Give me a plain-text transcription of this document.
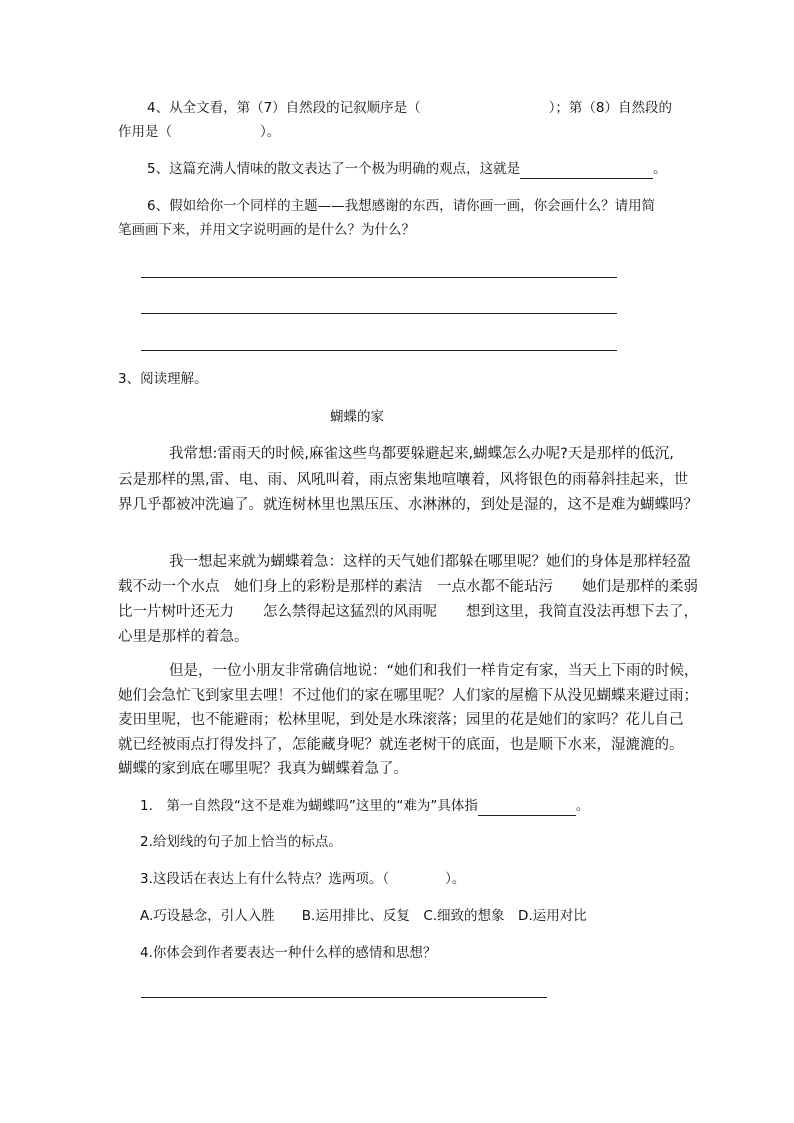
4、从全文看，第（7）自然段的记叙顺序是（	）；第（8）自然段的
作用是（	）。
5、这篇充满人情味的散文表达了一个极为明确的观点，这就是	。
6、假如给你一个同样的主题——我想感谢的东西，请你画一画，你会画什么？请用简
笔画画下来，并用文字说明画的是什么？为什么？
3、阅读理解。
蝴蝶的家
我常想:雷雨天的时候,麻雀这些鸟都要躲避起来,蝴蝶怎么办呢?天是那样的低沉,
云是那样的黑,雷、电、雨、风吼叫着，雨点密集地喧嚷着，风将银色的雨幕斜挂起来，世
界几乎都被冲洗遍了。就连树林里也黑压压、水淋淋的，到处是湿的，这不是难为蝴蝶吗？
我一想起来就为蝴蝶着急：这样的天气她们都躲在哪里呢？她们的身体是那样轻盈
载不动一个水点　她们身上的彩粉是那样的素洁　一点水都不能玷污　　她们是那样的柔弱
比一片树叶还无力　　怎么禁得起这猛烈的风雨呢　　想到这里，我简直没法再想下去了，
心里是那样的着急。
但是，一位小朋友非常确信地说：“她们和我们一样肯定有家，当天上下雨的时候，
她们会急忙飞到家里去哩！不过他们的家在哪里呢？人们家的屋檐下从没见蝴蝶来避过雨；
麦田里呢，也不能避雨；松林里呢，到处是水珠滚落；园里的花是她们的家吗？花儿自己
就已经被雨点打得发抖了，怎能藏身呢？就连老树干的底面，也是顺下水来，湿漉漉的。
蝴蝶的家到底在哪里呢？我真为蝴蝶着急了。
1.　第一自然段“这不是难为蝴蝶吗”这里的“难为”具体指	。
2.给划线的句子加上恰当的标点。
3.这段话在表达上有什么特点？选两项。（	）。
A.巧设悬念，引人入胜　　B.运用排比、反复　C.细致的想象　D.运用对比
4.你体会到作者要表达一种什么样的感情和思想？
